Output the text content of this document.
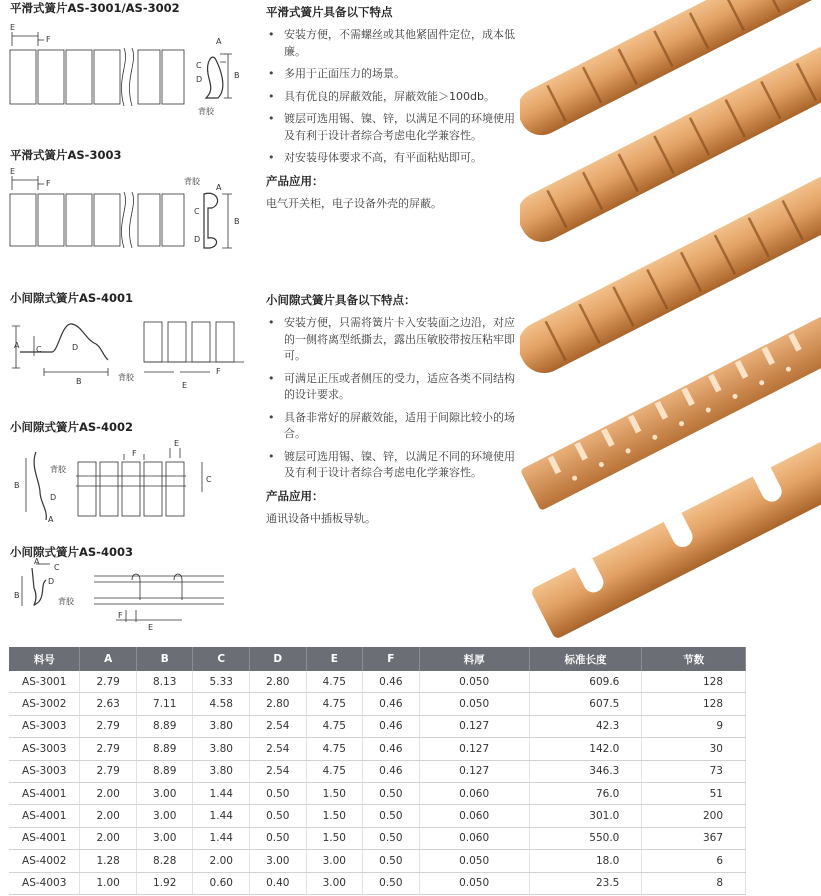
平滑式簧片AS-3001/AS-3002
平滑式簧片AS-3003
小间隙式簧片AS-4001
小间隙式簧片AS-4002
小间隙式簧片AS-4003
E
F	A
B
C
D
背胶
E
F	背胶
A
B
C
D
A C	D
B	背胶
E
F
B
背胶
D
A
E
F
C
A
C
D
B
背胶
F
E
平滑式簧片具备以下特点
• 安装方便，不需螺丝或其他紧固件定位，成本低廉。
• 多用于正面压力的场景。
• 具有优良的屏蔽效能，屏蔽效能＞100db。
• 镀层可选用锡、镍、锌，以满足不同的环境使用及有利于设计者综合考虑电化学兼容性。
• 对安装母体要求不高，有平面粘贴即可。
产品应用：
电气开关柜，电子设备外壳的屏蔽。
小间隙式簧片具备以下特点：
• 安装方便，只需将簧片卡入安装面之边沿，对应的一侧将离型纸撕去，露出压敏胶带按压粘牢即可。
• 可满足正压或者侧压的受力，适应各类不同结构的设计要求。
• 具备非常好的屏蔽效能，适用于间隙比较小的场合。
• 镀层可选用锡、镍、锌，以满足不同的环境使用及有利于设计者综合考虑电化学兼容性。
产品应用：
通讯设备中插板导轨。
料号	A	B	C	D	E	F	料厚	标准长度	节数
AS-3001	2.79	8.13	5.33	2.80	4.75	0.46	0.050	609.6	128
AS-3002	2.63	7.11	4.58	2.80	4.75	0.46	0.050	607.5	128
AS-3003	2.79	8.89	3.80	2.54	4.75	0.46	0.127	42.3	9
AS-3003	2.79	8.89	3.80	2.54	4.75	0.46	0.127	142.0	30
AS-3003	2.79	8.89	3.80	2.54	4.75	0.46	0.127	346.3	73
AS-4001	2.00	3.00	1.44	0.50	1.50	0.50	0.060	76.0	51
AS-4001	2.00	3.00	1.44	0.50	1.50	0.50	0.060	301.0	200
AS-4001	2.00	3.00	1.44	0.50	1.50	0.50	0.060	550.0	367
AS-4002	1.28	8.28	2.00	3.00	3.00	0.50	0.050	18.0	6
AS-4003	1.00	1.92	0.60	0.40	3.00	0.50	0.050	23.5	8
